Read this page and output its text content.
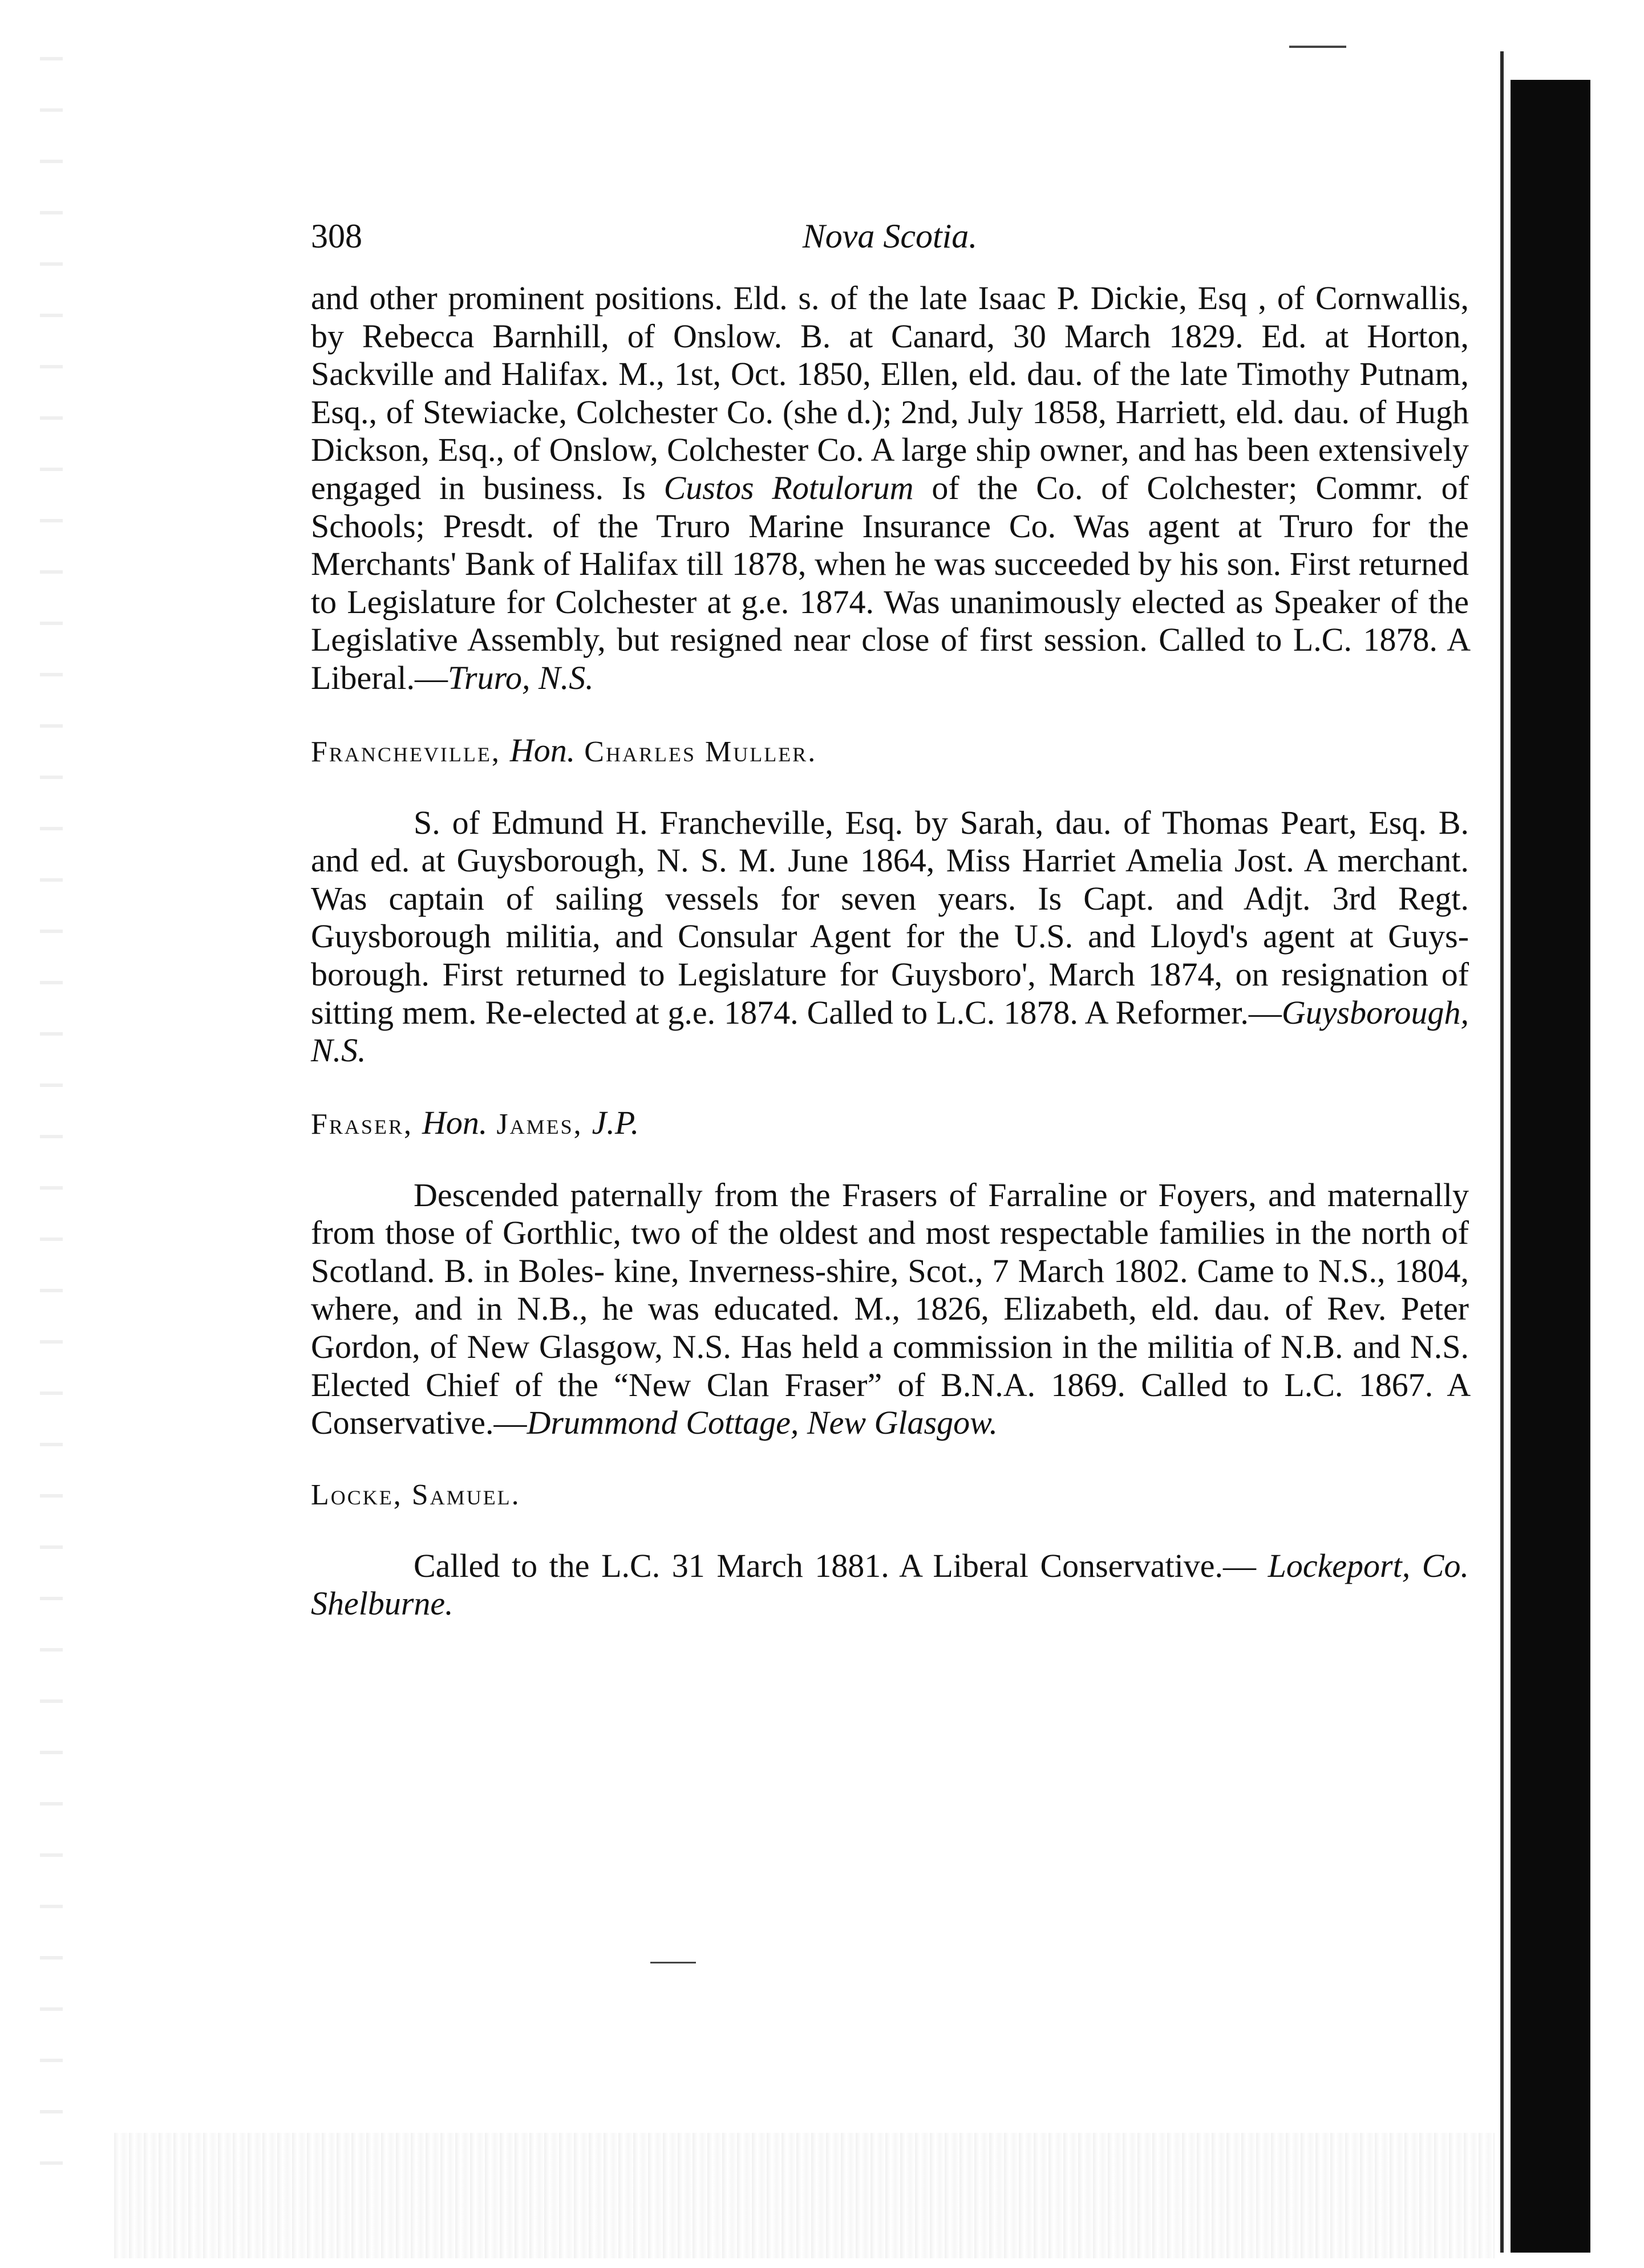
308	Nova Scotia.

and other prominent positions. Eld. s. of the late Isaac P. Dickie, Esq , of Cornwallis, by Rebecca Barnhill, of Onslow. B. at Canard, 30 March 1829. Ed. at Horton, Sackville and Halifax. M., 1st, Oct. 1850, Ellen, eld. dau. of the late Timothy Putnam, Esq., of Stewiacke, Colchester Co. (she d.); 2nd, July 1858, Harriett, eld. dau. of Hugh Dickson, Esq., of Onslow, Colchester Co. A large ship owner, and has been extensively engaged in business. Is Custos Rotulorum of the Co. of Colchester; Commr. of Schools; Presdt. of the Truro Marine Insurance Co. Was agent at Truro for the Merchants' Bank of Halifax till 1878, when he was succeeded by his son. First returned to Legislature for Colchester at g.e. 1874. Was unanimously elected as Speaker of the Legislative Assembly, but resigned near close of first session. Called to L.C. 1878. A Liberal.—Truro, N.S.

Francheville, Hon. Charles Muller.

S. of Edmund H. Francheville, Esq. by Sarah, dau. of Thomas Peart, Esq. B. and ed. at Guysborough, N. S. M. June 1864, Miss Harriet Amelia Jost. A merchant. Was captain of sailing vessels for seven years. Is Capt. and Adjt. 3rd Regt. Guysborough militia, and Consular Agent for the U.S. and Lloyd's agent at Guys- borough. First returned to Legislature for Guysboro', March 1874, on resignation of sitting mem. Re-elected at g.e. 1874. Called to L.C. 1878. A Reformer.—Guysborough, N.S.

Fraser, Hon. James, J.P.

Descended paternally from the Frasers of Farraline or Foyers, and maternally from those of Gorthlic, two of the oldest and most respectable families in the north of Scotland. B. in Boles- kine, Inverness-shire, Scot., 7 March 1802. Came to N.S., 1804, where, and in N.B., he was educated. M., 1826, Elizabeth, eld. dau. of Rev. Peter Gordon, of New Glasgow, N.S. Has held a commission in the militia of N.B. and N.S. Elected Chief of the “New Clan Fraser” of B.N.A. 1869. Called to L.C. 1867. A Conservative.—Drummond Cottage, New Glasgow.

Locke, Samuel.

Called to the L.C. 31 March 1881. A Liberal Conservative.— Lockeport, Co. Shelburne.
